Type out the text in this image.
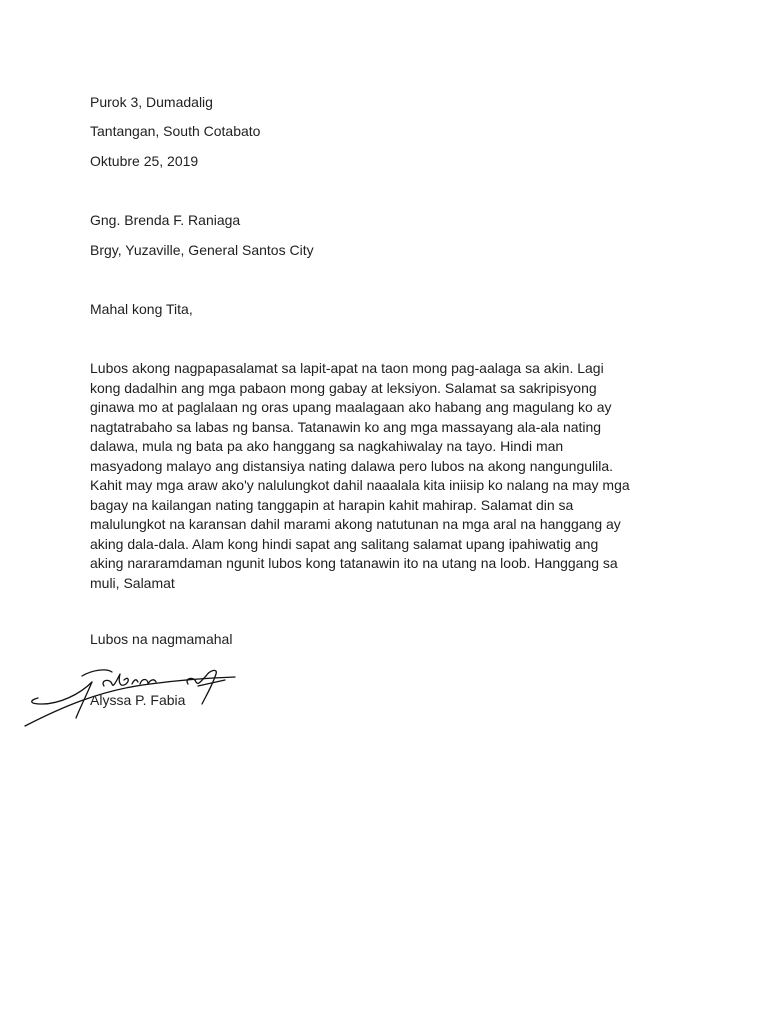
Purok 3, Dumadalig
Tantangan, South Cotabato
Oktubre 25, 2019
Gng. Brenda F. Raniaga
Brgy, Yuzaville, General Santos City
Mahal kong Tita,
Lubos akong nagpapasalamat sa lapit-apat na taon mong pag-aalaga sa akin. Lagi
kong dadalhin ang mga pabaon mong gabay at leksiyon. Salamat sa sakripisyong
ginawa mo at paglalaan ng oras upang maalagaan ako habang ang magulang ko ay
nagtatrabaho sa labas ng bansa. Tatanawin ko ang mga massayang ala-ala nating
dalawa, mula ng bata pa ako hanggang sa nagkahiwalay na tayo. Hindi man
masyadong malayo ang distansiya nating dalawa pero lubos na akong nangungulila.
Kahit may mga araw ako'y nalulungkot dahil naaalala kita iniisip ko nalang na may mga
bagay na kailangan nating tanggapin at harapin kahit mahirap. Salamat din sa
malulungkot na karansan dahil marami akong natutunan na mga aral na hanggang ay
aking dala-dala. Alam kong hindi sapat ang salitang salamat upang ipahiwatig ang
aking nararamdaman ngunit lubos kong tatanawin ito na utang na loob. Hanggang sa
muli, Salamat
Lubos na nagmamahal
Alyssa P. Fabia
